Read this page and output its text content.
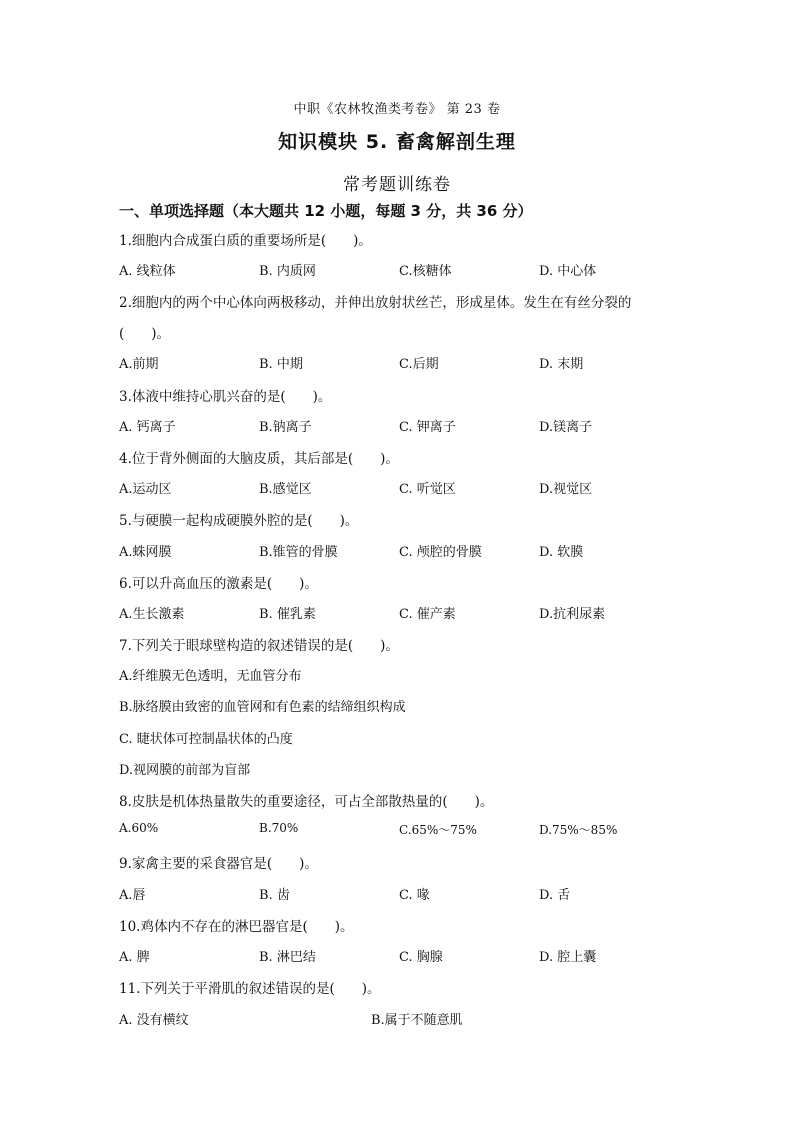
中职《农林牧渔类考卷》 第 23 卷
知识模块 5. 畜禽解剖生理
常考题训练卷
一、单项选择题（本大题共 12 小题，每题 3 分，共 36 分）
1.细胞内合成蛋白质的重要场所是(　　)。
A. 线粒体	B. 内质网	C.核糖体	D. 中心体
2.细胞内的两个中心体向两极移动，并伸出放射状丝芒，形成星体。发生在有丝分裂的
(　　)。
A.前期	B. 中期	C.后期	D. 末期
3.体液中维持心肌兴奋的是(　　)。
A. 钙离子	B.钠离子	C. 钾离子	D.镁离子
4.位于背外侧面的大脑皮质，其后部是(　　)。
A.运动区	B.感觉区	C. 听觉区	D.视觉区
5.与硬膜一起构成硬膜外腔的是(　　)。
A.蛛网膜	B.锥管的骨膜	C. 颅腔的骨膜	D. 软膜
6.可以升高血压的激素是(　　)。
A.生长激素	B. 催乳素	C. 催产素	D.抗利尿素
7.下列关于眼球壁构造的叙述错误的是(　　)。
A.纤维膜无色透明，无血管分布
B.脉络膜由致密的血管网和有色素的结缔组织构成
C. 睫状体可控制晶状体的凸度
D.视网膜的前部为盲部
8.皮肤是机体热量散失的重要途径，可占全部散热量的(　　)。
A.60%	B.70%	C.65%～75%	D.75%～85%
9.家禽主要的采食器官是(　　)。
A.唇	B. 齿	C. 喙	D. 舌
10.鸡体内不存在的淋巴器官是(　　)。
A. 脾	B. 淋巴结	C. 胸腺	D. 腔上囊
11.下列关于平滑肌的叙述错误的是(　　)。
A. 没有横纹	B.属于不随意肌
